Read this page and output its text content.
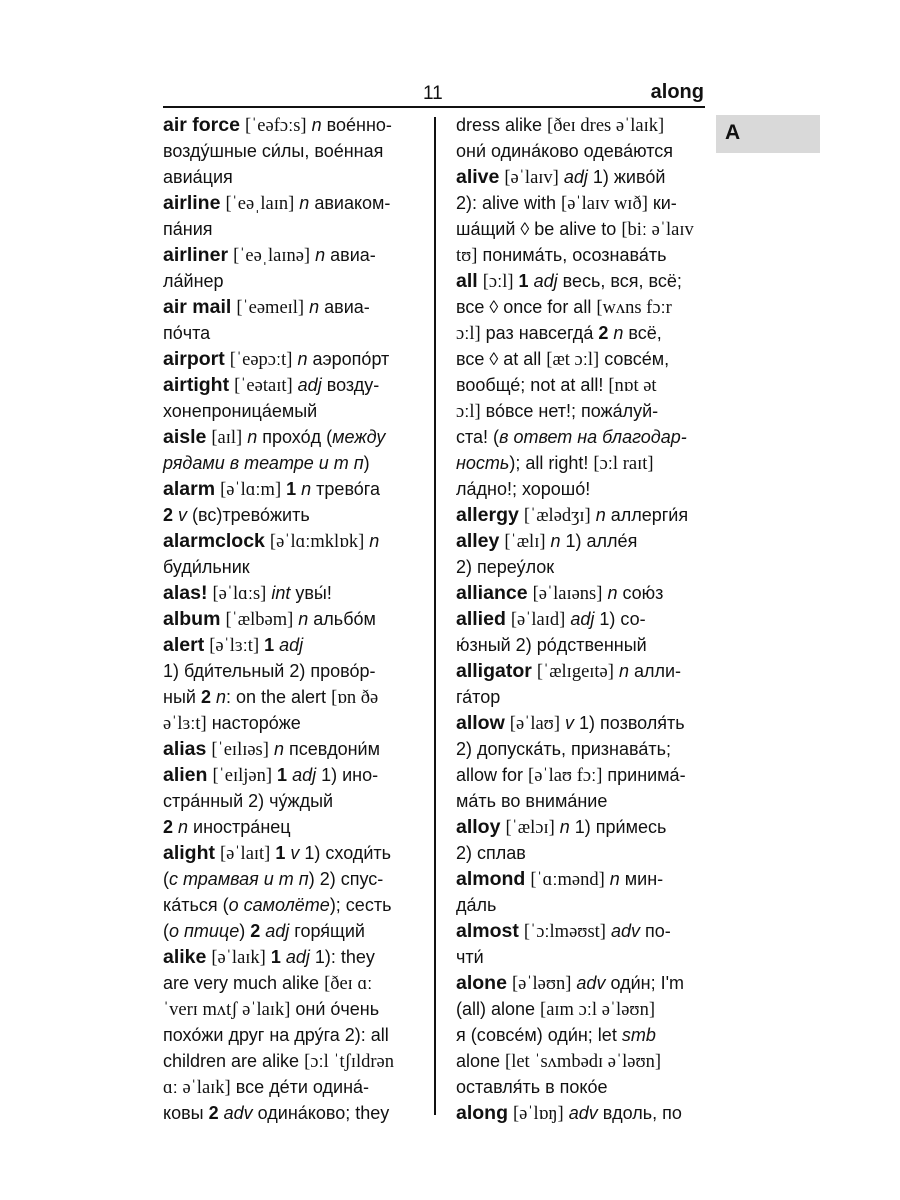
11	along
A
air force [ˈeəfɔːs] n воéнно-
возду́шные си́лы, воéнная
авиа́ция
airline [ˈeəˌlaɪn] n авиаком-
па́ния
airliner [ˈeəˌlaɪnə] n авиа-
ла́йнер
air mail [ˈeəmeɪl] n авиа-
по́чта
airport [ˈeəpɔːt] n аэропо́рт
airtight [ˈeətaɪt] adj возду-
хонепроница́емый
aisle [aɪl] n прохо́д (между
рядами в театре и т п)
alarm [əˈlɑːm] 1 n трево́га
2 v (вс)трево́жить
alarmclock [əˈlɑːmklɒk] n
буди́льник
alas! [əˈlɑːs] int увы́!
album [ˈælbəm] n альбо́м
alert [əˈlɜːt] 1 adj
1) бди́тельный 2) прово́р-
ный 2 n: on the alert [ɒn ðə
əˈlɜːt] насторо́же
alias [ˈeɪlɪəs] n псевдони́м
alien [ˈeɪljən] 1 adj 1) ино-
стра́нный 2) чу́ждый
2 n иностра́нец
alight [əˈlaɪt] 1 v 1) сходи́ть
(с трамвая и т п) 2) спус-
ка́ться (о самолёте); сесть
(о птице) 2 adj горя́щий
alike [əˈlaɪk] 1 adj 1): they
are very much alike [ðeɪ ɑː
ˈverɪ mʌtʃ əˈlaɪk] они́ о́чень
похо́жи друг на дру́га 2): all
children are alike [ɔːl ˈtʃɪldrən
ɑː əˈlaɪk] все де́ти одина́-
ковы 2 adv одина́ково; they
dress alike [ðeɪ dres əˈlaɪk]
они́ одина́ково одева́ются
alive [əˈlaɪv] adj 1) живо́й
2): alive with [əˈlaɪv wɪð] ки-
ша́щий ◊ be alive to [biː əˈlaɪv
tʊ] понима́ть, осознава́ть
all [ɔːl] 1 adj весь, вся, всё;
все ◊ once for all [wʌns fɔːr
ɔːl] раз навсегда́ 2 n всё,
все ◊ at all [æt ɔːl] совсе́м,
вообще́; not at all! [nɒt ət
ɔːl] во́все нет!; пожа́луй-
ста! (в ответ на благодар-
ность); all right! [ɔːl raɪt]
ла́дно!; хорошо́!
allergy [ˈælədʒɪ] n аллерги́я
alley [ˈælɪ] n 1) алле́я
2) переу́лок
alliance [əˈlaɪəns] n сою́з
allied [əˈlaɪd] adj 1) со-
ю́зный 2) ро́дственный
alligator [ˈælɪgeɪtə] n алли-
га́тор
allow [əˈlaʊ] v 1) позволя́ть
2) допуска́ть, признава́ть;
allow for [əˈlaʊ fɔː] принима́-
ма́ть во внима́ние
alloy [ˈælɔɪ] n 1) при́месь
2) сплав
almond [ˈɑːmənd] n мин-
да́ль
almost [ˈɔːlməʊst] adv по-
чти́
alone [əˈləʊn] adv оди́н; I'm
(all) alone [aɪm ɔːl əˈləʊn]
я (совсе́м) оди́н; let smb
alone [let ˈsʌmbədɪ əˈləʊn]
оставля́ть в поко́е
along [əˈlɒŋ] adv вдоль, по
